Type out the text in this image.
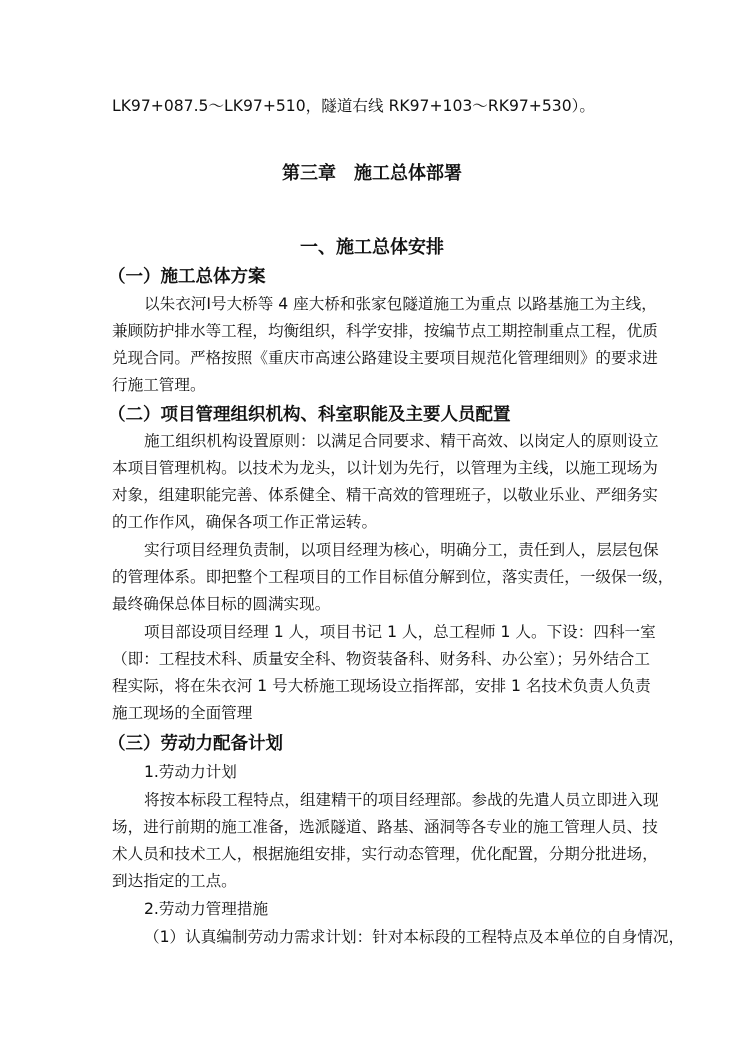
LK97+087.5～LK97+510，隧道右线 RK97+103～RK97+530）。
第三章　施工总体部署
一、施工总体安排
（一）施工总体方案
以朱衣河Ⅰ号大桥等 4 座大桥和张家包隧道施工为重点 以路基施工为主线，
兼顾防护排水等工程，均衡组织，科学安排，按编节点工期控制重点工程，优质
兑现合同。严格按照《重庆市高速公路建设主要项目规范化管理细则》的要求进
行施工管理。
（二）项目管理组织机构、科室职能及主要人员配置
施工组织机构设置原则：以满足合同要求、精干高效、以岗定人的原则设立
本项目管理机构。以技术为龙头，以计划为先行，以管理为主线，以施工现场为
对象，组建职能完善、体系健全、精干高效的管理班子，以敬业乐业、严细务实
的工作作风，确保各项工作正常运转。
实行项目经理负责制，以项目经理为核心，明确分工，责任到人，层层包保
的管理体系。即把整个工程项目的工作目标值分解到位，落实责任，一级保一级，
最终确保总体目标的圆满实现。
项目部设项目经理 1 人，项目书记 1 人，总工程师 1 人。下设：四科一室
（即：工程技术科、质量安全科、物资装备科、财务科、办公室）；另外结合工
程实际，将在朱衣河 1 号大桥施工现场设立指挥部，安排 1 名技术负责人负责
施工现场的全面管理
（三）劳动力配备计划
1.劳动力计划
将按本标段工程特点，组建精干的项目经理部。参战的先遣人员立即进入现
场，进行前期的施工准备，选派隧道、路基、涵洞等各专业的施工管理人员、技
术人员和技术工人，根据施组安排，实行动态管理，优化配置，分期分批进场，
到达指定的工点。
2.劳动力管理措施
（1）认真编制劳动力需求计划：针对本标段的工程特点及本单位的自身情况，
